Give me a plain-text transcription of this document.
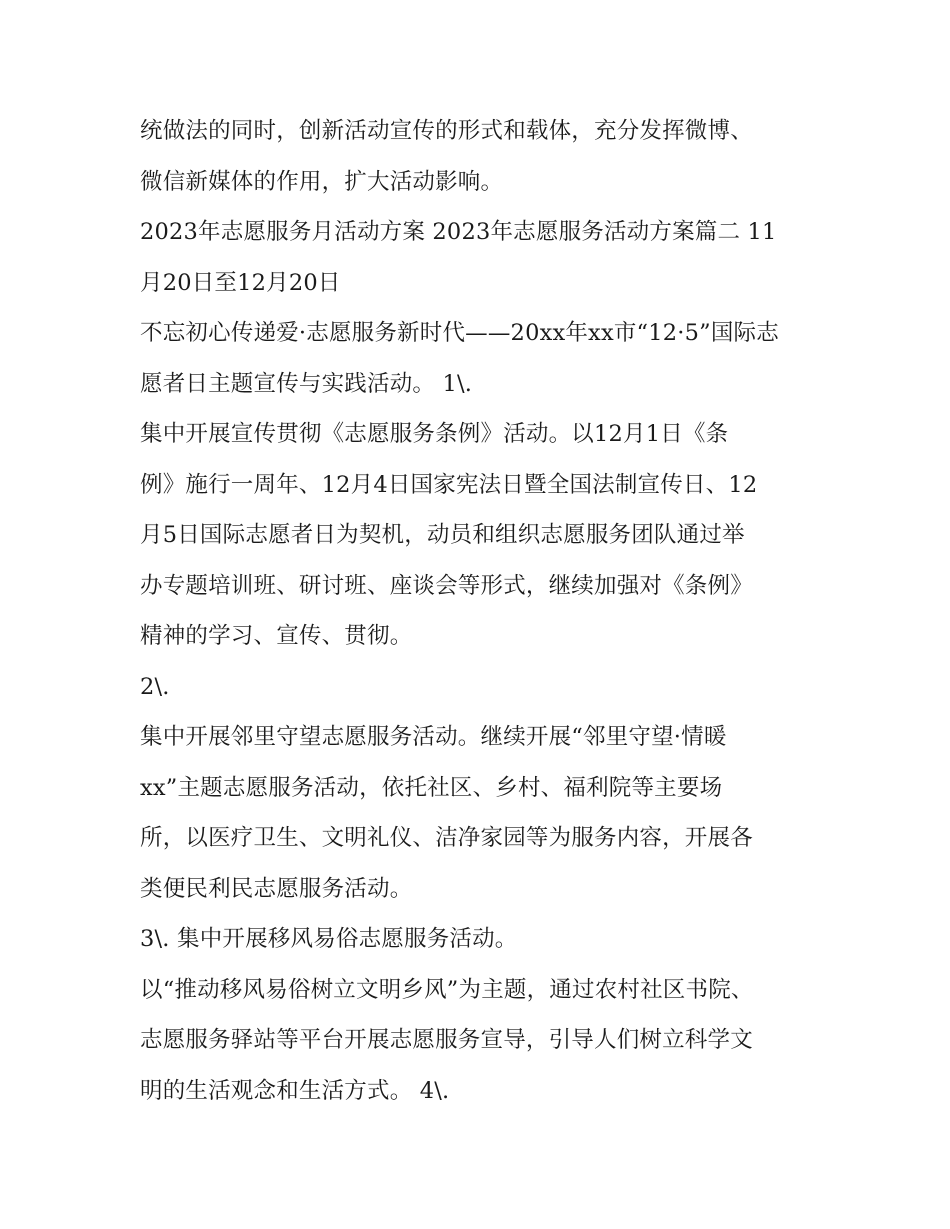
统做法的同时，创新活动宣传的形式和载体，充分发挥微博、
微信新媒体的作用，扩大活动影响。
2023年志愿服务月活动方案 2023年志愿服务活动方案篇二 11
月20日至12月20日
不忘初心传递爱·志愿服务新时代——20xx年xx市“12·5”国际志
愿者日主题宣传与实践活动。 1\.
集中开展宣传贯彻《志愿服务条例》活动。以12月1日《条
例》施行一周年、12月4日国家宪法日暨全国法制宣传日、12
月5日国际志愿者日为契机，动员和组织志愿服务团队通过举
办专题培训班、研讨班、座谈会等形式，继续加强对《条例》
精神的学习、宣传、贯彻。
2\.
集中开展邻里守望志愿服务活动。继续开展“邻里守望·情暖
xx”主题志愿服务活动，依托社区、乡村、福利院等主要场
所，以医疗卫生、文明礼仪、洁净家园等为服务内容，开展各
类便民利民志愿服务活动。
3\. 集中开展移风易俗志愿服务活动。
以“推动移风易俗树立文明乡风”为主题，通过农村社区书院、
志愿服务驿站等平台开展志愿服务宣导，引导人们树立科学文
明的生活观念和生活方式。 4\.
